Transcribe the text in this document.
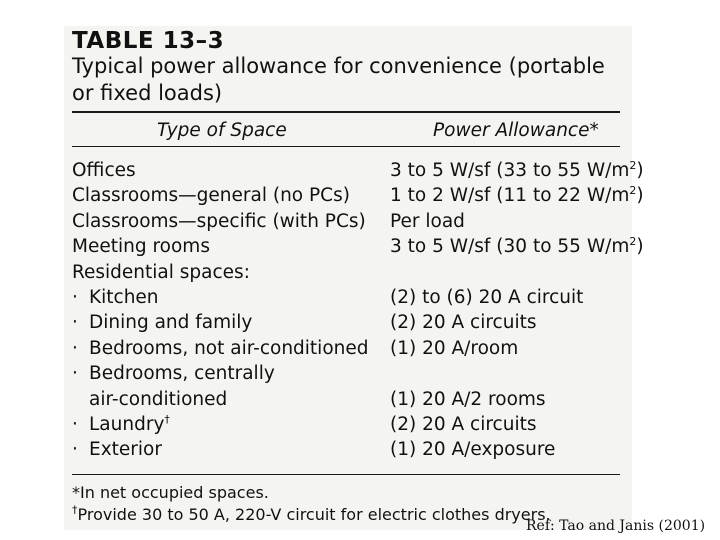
TABLE 13–3
Typical power allowance for convenience (portable or fixed loads)
Type of Space	Power Allowance*
Offices	3 to 5 W/sf (33 to 55 $W/m^2$)
Classrooms—general (no PCs) 1 to 2 W/sf (11 to 22 $W/m^2$)
Classrooms—specific (with PCs) Per load
Meeting rooms	3 to 5 W/sf (30 to 55 $W/m^2$)
Residential spaces:
· Kitchen	(2) to (6) 20 A circuit
· Dining and family	(2) 20 A circuits
· Bedrooms, not air-conditioned (1) 20 A/room
· Bedrooms, centrally
air-conditioned	(1) 20 A/2 rooms
· Laundry†	(2) 20 A circuits
· Exterior	(1) 20 A/exposure
*In net occupied spaces.
†Provide 30 to 50 A, 220-V circuit for electric clothes dryers.
Ref: Tao and Janis (2001)
